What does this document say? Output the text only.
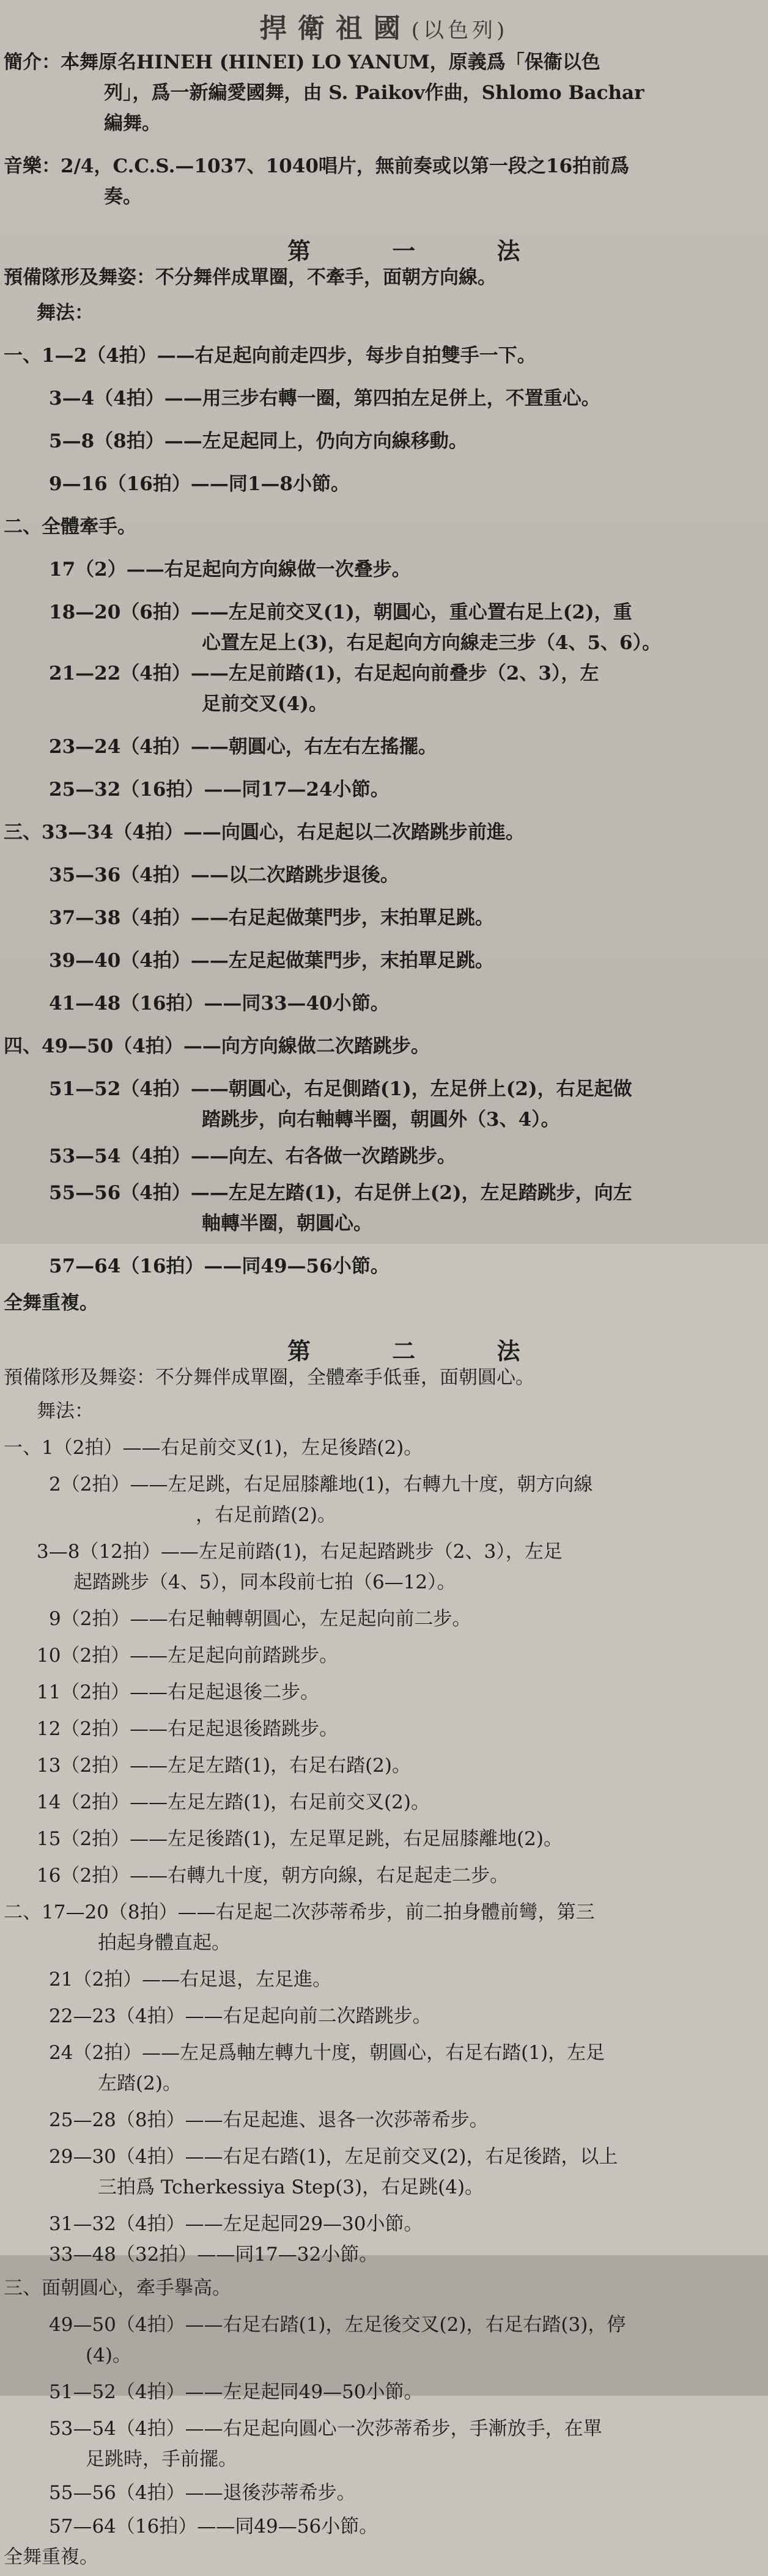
捍衛祖國(以色列)
簡介：本舞原名HINEH (HINEI) LO YANUM，原義爲「保衞以色
列」，爲一新編愛國舞，由 S. Paikov作曲，Shlomo Bachar
編舞。
音樂：2/4，C.C.S.—1037、1040唱片，無前奏或以第一段之16拍前爲
奏。
第 一 法
預備隊形及舞姿：不分舞伴成單圈，不牽手，面朝方向線。
舞法：
一、1—2（4拍）——右足起向前走四步，每步自拍雙手一下。
3—4（4拍）——用三步右轉一圈，第四拍左足併上，不置重心。
5—8（8拍）——左足起同上，仍向方向線移動。
9—16（16拍）——同1—8小節。
二、全體牽手。
17（2）——右足起向方向線做一次叠步。
18—20（6拍）——左足前交叉(1)，朝圓心，重心置右足上(2)，重
心置左足上(3)，右足起向方向線走三步（4、5、6）。
21—22（4拍）——左足前踏(1)，右足起向前叠步（2、3），左
足前交叉(4)。
23—24（4拍）——朝圓心，右左右左搖擺。
25—32（16拍）——同17—24小節。
三、33—34（4拍）——向圓心，右足起以二次踏跳步前進。
35—36（4拍）——以二次踏跳步退後。
37—38（4拍）——右足起做葉門步，末拍單足跳。
39—40（4拍）——左足起做葉門步，末拍單足跳。
41—48（16拍）——同33—40小節。
四、49—50（4拍）——向方向線做二次踏跳步。
51—52（4拍）——朝圓心，右足側踏(1)，左足併上(2)，右足起做
踏跳步，向右軸轉半圈，朝圓外（3、4）。
53—54（4拍）——向左、右各做一次踏跳步。
55—56（4拍）——左足左踏(1)，右足併上(2)，左足踏跳步，向左
軸轉半圈，朝圓心。
57—64（16拍）——同49—56小節。
全舞重複。
第 二 法
預備隊形及舞姿：不分舞伴成單圈，全體牽手低垂，面朝圓心。
舞法：
一、1（2拍）——右足前交叉(1)，左足後踏(2)。
2（2拍）——左足跳，右足屈膝離地(1)，右轉九十度，朝方向線
，右足前踏(2)。
3—8（12拍）——左足前踏(1)，右足起踏跳步（2、3），左足
起踏跳步（4、5），同本段前七拍（6—12）。
9（2拍）——右足軸轉朝圓心，左足起向前二步。
10（2拍）——左足起向前踏跳步。
11（2拍）——右足起退後二步。
12（2拍）——右足起退後踏跳步。
13（2拍）——左足左踏(1)，右足右踏(2)。
14（2拍）——左足左踏(1)，右足前交叉(2)。
15（2拍）——左足後踏(1)，左足單足跳，右足屈膝離地(2)。
16（2拍）——右轉九十度，朝方向線，右足起走二步。
二、17—20（8拍）——右足起二次莎蒂希步，前二拍身體前彎，第三
拍起身體直起。
21（2拍）——右足退，左足進。
22—23（4拍）——右足起向前二次踏跳步。
24（2拍）——左足爲軸左轉九十度，朝圓心，右足右踏(1)，左足
左踏(2)。
25—28（8拍）——右足起進、退各一次莎蒂希步。
29—30（4拍）——右足右踏(1)，左足前交叉(2)，右足後踏，以上
三拍爲 Tcherkessiya Step(3)，右足跳(4)。
31—32（4拍）——左足起同29—30小節。
33—48（32拍）——同17—32小節。
三、面朝圓心，牽手擧高。
49—50（4拍）——右足右踏(1)，左足後交叉(2)，右足右踏(3)，停
(4)。
51—52（4拍）——左足起同49—50小節。
53—54（4拍）——右足起向圓心一次莎蒂希步，手漸放手，在單
足跳時，手前擺。
55—56（4拍）——退後莎蒂希步。
57—64（16拍）——同49—56小節。
全舞重複。
